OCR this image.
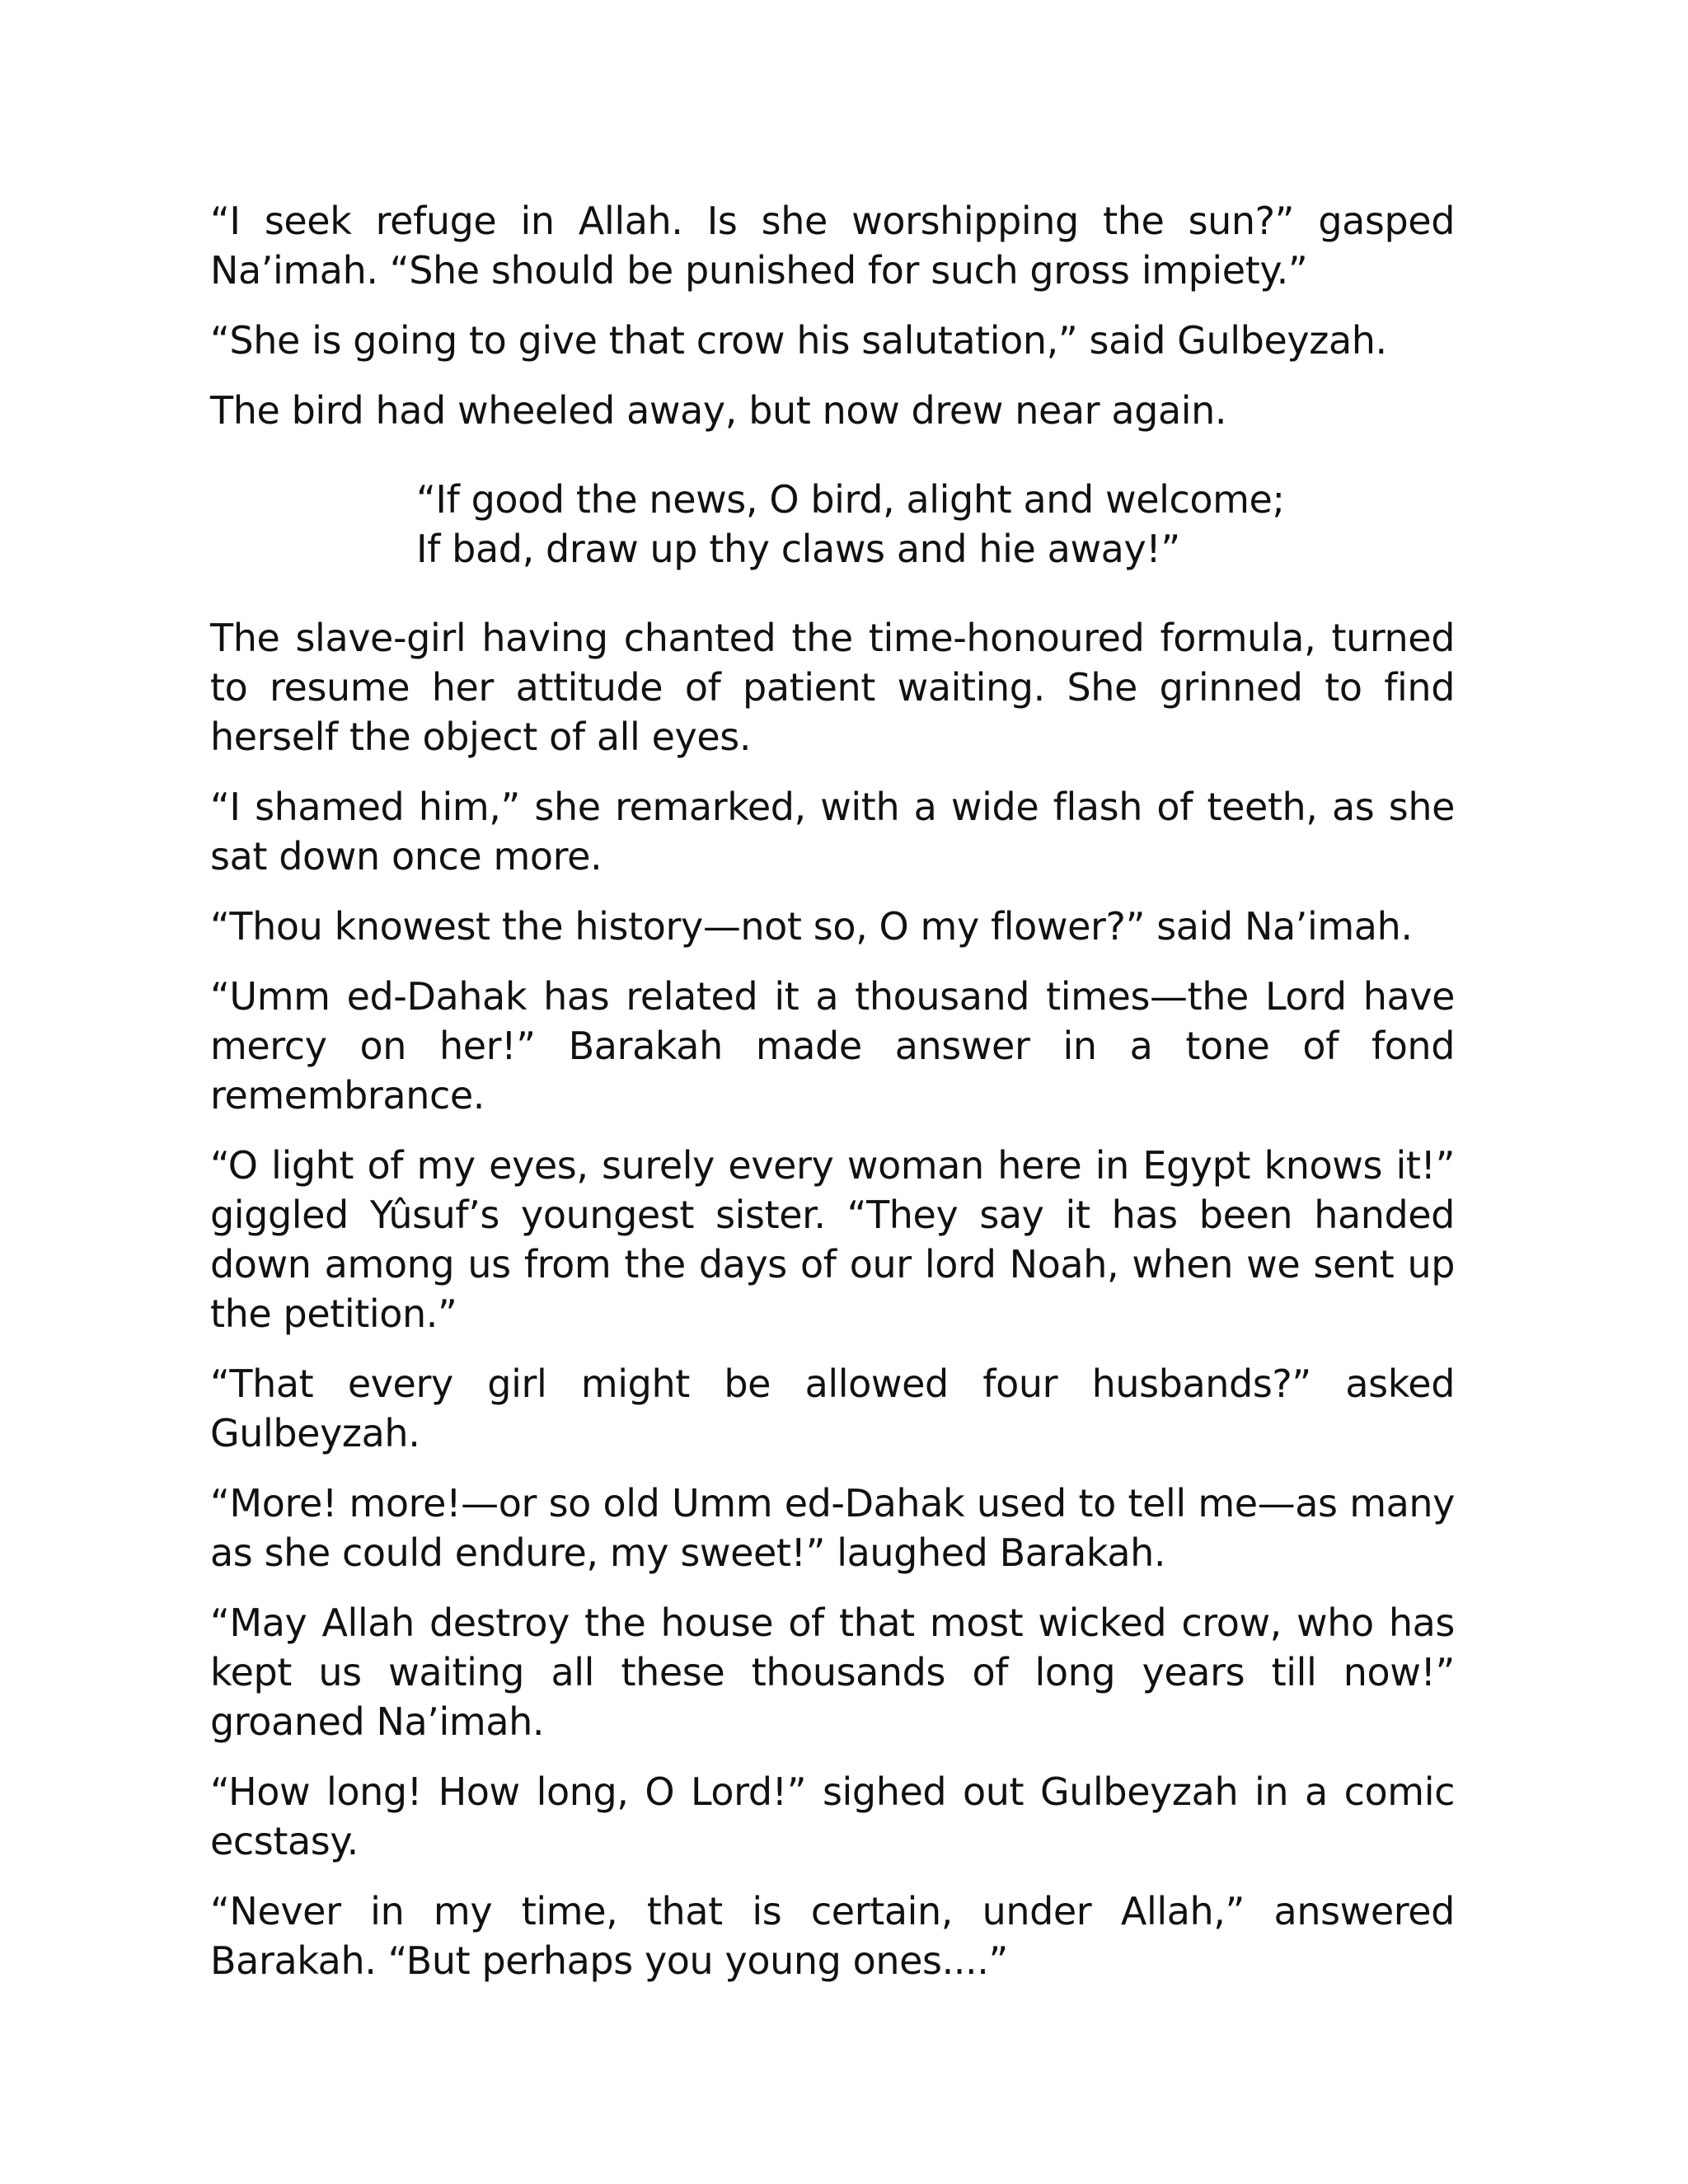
“I seek refuge in Allah. Is she worshipping the sun?” gasped Na’imah. “She should be punished for such gross impiety.”

“She is going to give that crow his salutation,” said Gulbeyzah.

The bird had wheeled away, but now drew near again.

“If good the news, O bird, alight and welcome;
If bad, draw up thy claws and hie away!”

The slave-girl having chanted the time-honoured formula, turned to resume her attitude of patient waiting. She grinned to find herself the object of all eyes.

“I shamed him,” she remarked, with a wide flash of teeth, as she sat down once more.

“Thou knowest the history—not so, O my flower?” said Na’imah.

“Umm ed-Dahak has related it a thousand times—the Lord have mercy on her!” Barakah made answer in a tone of fond remembrance.

“O light of my eyes, surely every woman here in Egypt knows it!” giggled Yûsuf’s youngest sister. “They say it has been handed down among us from the days of our lord Noah, when we sent up the petition.”

“That every girl might be allowed four husbands?” asked Gulbeyzah.

“More! more!—or so old Umm ed-Dahak used to tell me—as many as she could endure, my sweet!” laughed Barakah.

“May Allah destroy the house of that most wicked crow, who has kept us waiting all these thousands of long years till now!” groaned Na’imah.

“How long! How long, O Lord!” sighed out Gulbeyzah in a comic ecstasy.

“Never in my time, that is certain, under Allah,” answered Barakah. “But perhaps you young ones....”
